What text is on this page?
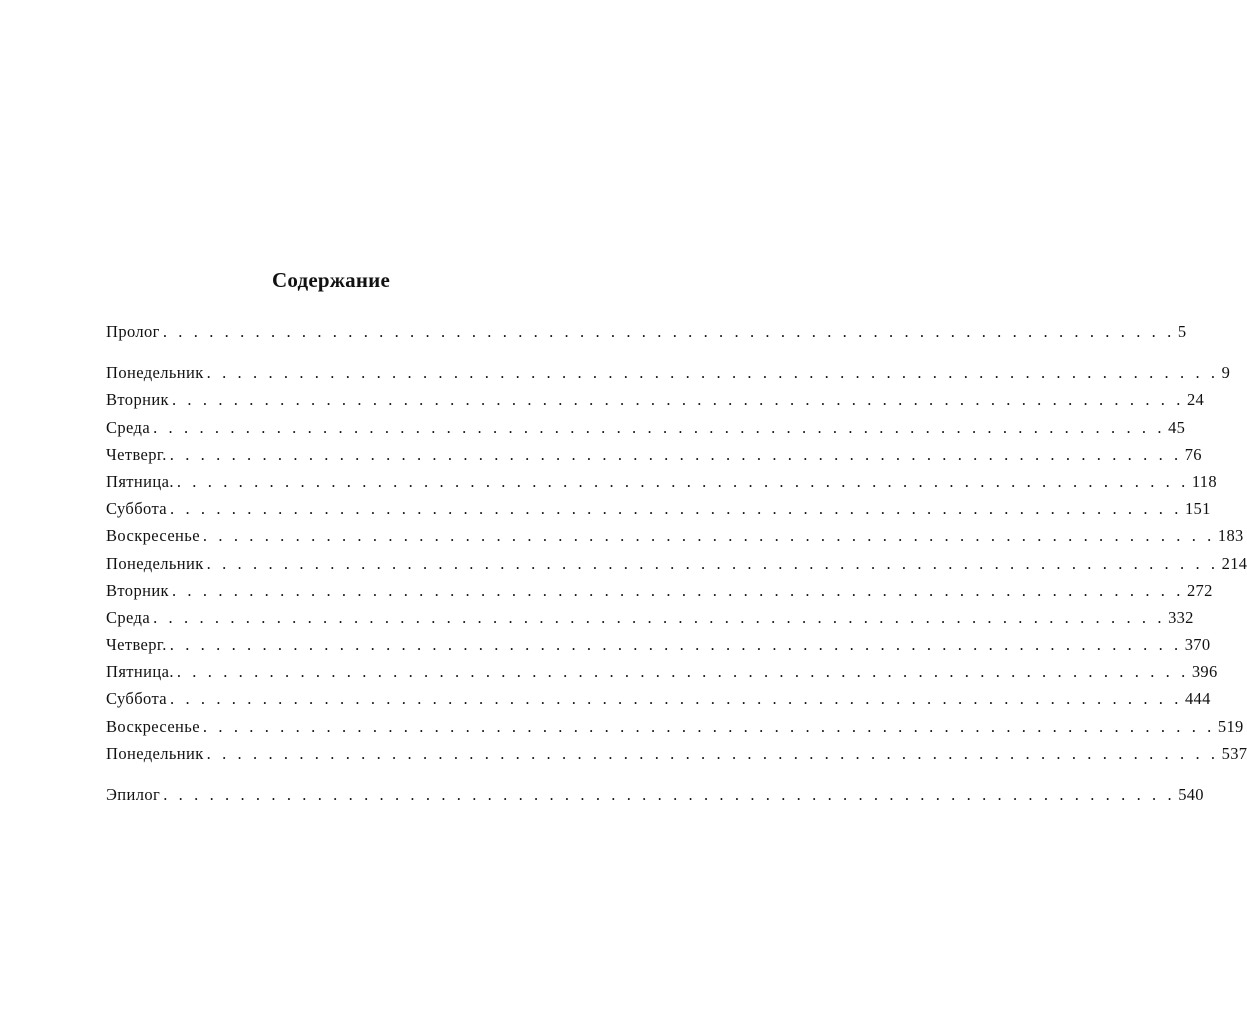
Содержание
Пролог . . . . . . . . . . . . . . . . . . . . . . . . . . . . . . . . . . . . . . . . . . . . . . . . . . . . . . . . . . . . . . . . . . 5
Понедельник . . . . . . . . . . . . . . . . . . . . . . . . . . . . . . . . . . . . . . . . . . . . . . . . . . . . . . . . . . . . . . . . . . 9
Вторник . . . . . . . . . . . . . . . . . . . . . . . . . . . . . . . . . . . . . . . . . . . . . . . . . . . . . . . . . . . . . . . . . . 24
Среда . . . . . . . . . . . . . . . . . . . . . . . . . . . . . . . . . . . . . . . . . . . . . . . . . . . . . . . . . . . . . . . . . . 45
Четверг. . . . . . . . . . . . . . . . . . . . . . . . . . . . . . . . . . . . . . . . . . . . . . . . . . . . . . . . . . . . . . . . . . . 76
Пятница. . . . . . . . . . . . . . . . . . . . . . . . . . . . . . . . . . . . . . . . . . . . . . . . . . . . . . . . . . . . . . . . . . . 118
Суббота . . . . . . . . . . . . . . . . . . . . . . . . . . . . . . . . . . . . . . . . . . . . . . . . . . . . . . . . . . . . . . . . . . 151
Воскресенье . . . . . . . . . . . . . . . . . . . . . . . . . . . . . . . . . . . . . . . . . . . . . . . . . . . . . . . . . . . . . . . . . . 183
Понедельник . . . . . . . . . . . . . . . . . . . . . . . . . . . . . . . . . . . . . . . . . . . . . . . . . . . . . . . . . . . . . . . . . . 214
Вторник . . . . . . . . . . . . . . . . . . . . . . . . . . . . . . . . . . . . . . . . . . . . . . . . . . . . . . . . . . . . . . . . . . 272
Среда . . . . . . . . . . . . . . . . . . . . . . . . . . . . . . . . . . . . . . . . . . . . . . . . . . . . . . . . . . . . . . . . . . 332
Четверг. . . . . . . . . . . . . . . . . . . . . . . . . . . . . . . . . . . . . . . . . . . . . . . . . . . . . . . . . . . . . . . . . . . 370
Пятница. . . . . . . . . . . . . . . . . . . . . . . . . . . . . . . . . . . . . . . . . . . . . . . . . . . . . . . . . . . . . . . . . . . 396
Суббота . . . . . . . . . . . . . . . . . . . . . . . . . . . . . . . . . . . . . . . . . . . . . . . . . . . . . . . . . . . . . . . . . . 444
Воскресенье . . . . . . . . . . . . . . . . . . . . . . . . . . . . . . . . . . . . . . . . . . . . . . . . . . . . . . . . . . . . . . . . . . 519
Понедельник . . . . . . . . . . . . . . . . . . . . . . . . . . . . . . . . . . . . . . . . . . . . . . . . . . . . . . . . . . . . . . . . . . 537
Эпилог . . . . . . . . . . . . . . . . . . . . . . . . . . . . . . . . . . . . . . . . . . . . . . . . . . . . . . . . . . . . . . . . . . 540
